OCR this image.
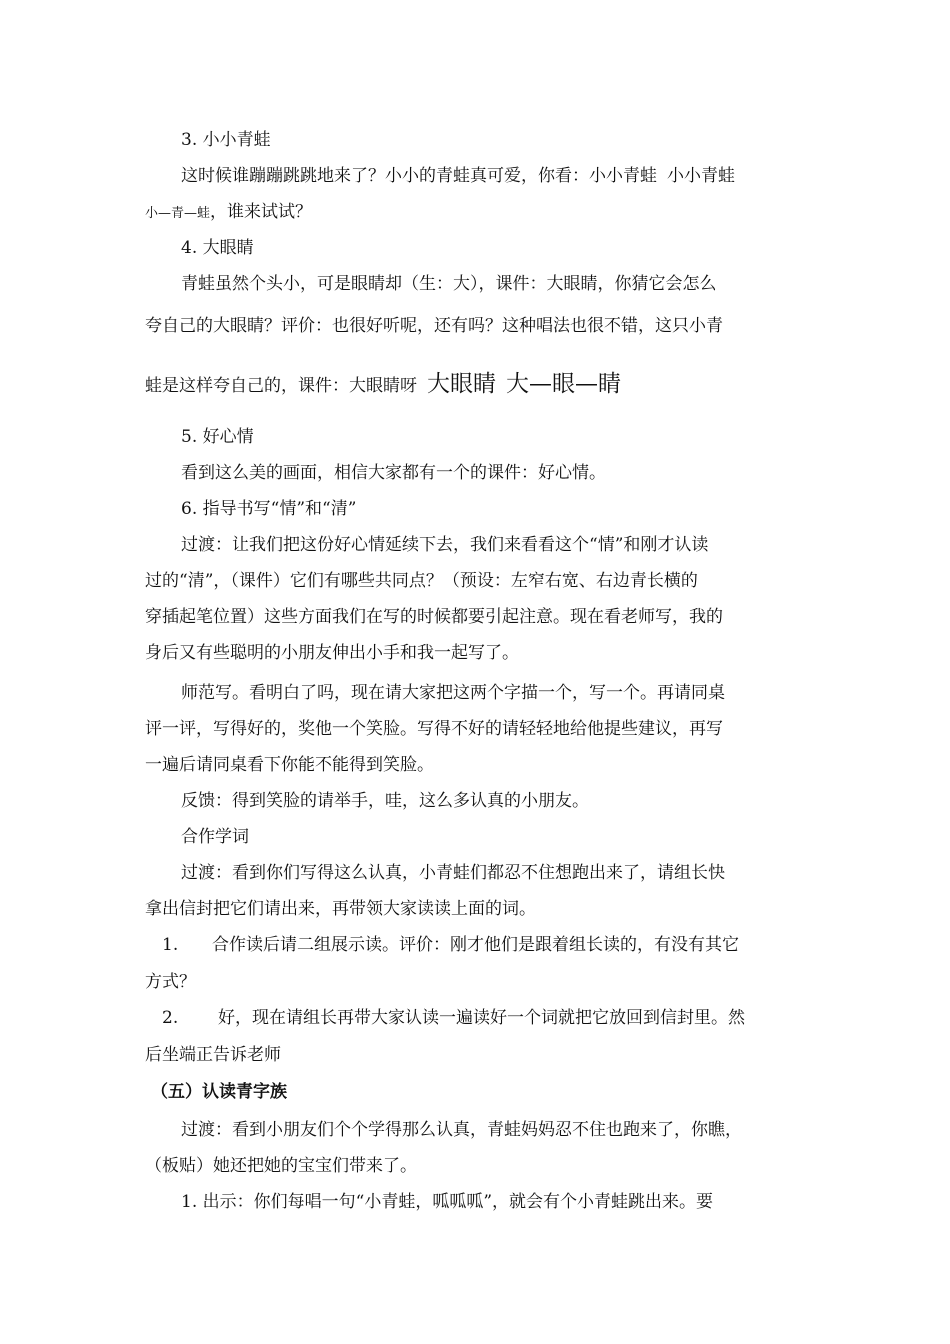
3. 小小青蛙
这时候谁蹦蹦跳跳地来了？小小的青蛙真可爱，你看：小小青蛙 小小青蛙
小—青—蛙，谁来试试？
4. 大眼睛
青蛙虽然个头小，可是眼睛却（生：大），课件：大眼睛，你猜它会怎么
夸自己的大眼睛？评价：也很好听呢，还有吗？这种唱法也很不错，这只小青
蛙是这样夸自己的，课件：大眼睛呀 大眼睛 大—眼—睛
5. 好心情
看到这么美的画面，相信大家都有一个的课件：好心情。
6. 指导书写“情”和“清”
过渡：让我们把这份好心情延续下去，我们来看看这个“情”和刚才认读
过的“清”，（课件）它们有哪些共同点？（预设：左窄右宽、右边青长横的
穿插起笔位置）这些方面我们在写的时候都要引起注意。现在看老师写，我的
身后又有些聪明的小朋友伸出小手和我一起写了。
师范写。看明白了吗，现在请大家把这两个字描一个，写一个。再请同桌
评一评，写得好的，奖他一个笑脸。写得不好的请轻轻地给他提些建议，再写
一遍后请同桌看下你能不能得到笑脸。
反馈：得到笑脸的请举手，哇，这么多认真的小朋友。
合作学词
过渡：看到你们写得这么认真，小青蛙们都忍不住想跑出来了，请组长快
拿出信封把它们请出来，再带领大家读读上面的词。
1. 合作读后请二组展示读。评价：刚才他们是跟着组长读的，有没有其它
方式？
2. 好，现在请组长再带大家认读一遍读好一个词就把它放回到信封里。然
后坐端正告诉老师
（五）认读青字族
过渡：看到小朋友们个个学得那么认真，青蛙妈妈忍不住也跑来了，你瞧，
（板贴）她还把她的宝宝们带来了。
1. 出示：你们每唱一句“小青蛙，呱呱呱”，就会有个小青蛙跳出来。要
